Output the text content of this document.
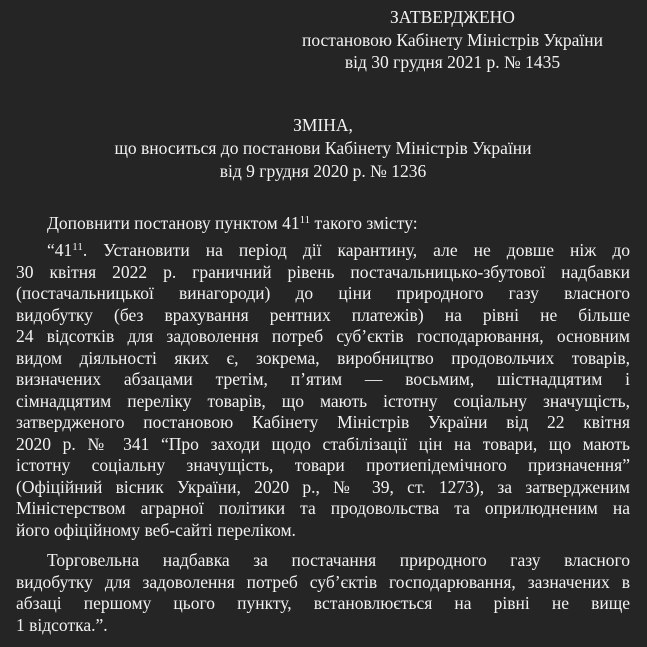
ЗАТВЕРДЖЕНО
постановою Кабінету Міністрів України
від 30 грудня 2021 р. № 1435
ЗМІНА,
що вноситься до постанови Кабінету Міністрів України
від 9 грудня 2020 р. № 1236
Доповнити постанову пунктом $41^{11}$ такого змісту:
“$41^{11}$. Установити на період дії карантину, але не довше ніж до
30 квітня 2022 р. граничний рівень постачальницько-збутової надбавки
(постачальницької винагороди) до ціни природного газу власного
видобутку (без врахування рентних платежів) на рівні не більше
24 відсотків для задоволення потреб суб’єктів господарювання, основним
видом діяльності яких є, зокрема, виробництво продовольчих товарів,
визначених абзацами третім, п’ятим — восьмим, шістнадцятим і
сімнадцятим переліку товарів, що мають істотну соціальну значущість,
затвердженого постановою Кабінету Міністрів України від 22 квітня
2020 р. № 341 “Про заходи щодо стабілізації цін на товари, що мають
істотну соціальну значущість, товари протиепідемічного призначення”
(Офіційний вісник України, 2020 р., № 39, ст. 1273), за затвердженим
Міністерством аграрної політики та продовольства та оприлюдненим на
його офіційному веб-сайті переліком.
Торговельна надбавка за постачання природного газу власного
видобутку для задоволення потреб суб’єктів господарювання, зазначених в
абзаці першому цього пункту, встановлюється на рівні не вище
1 відсотка.”.
